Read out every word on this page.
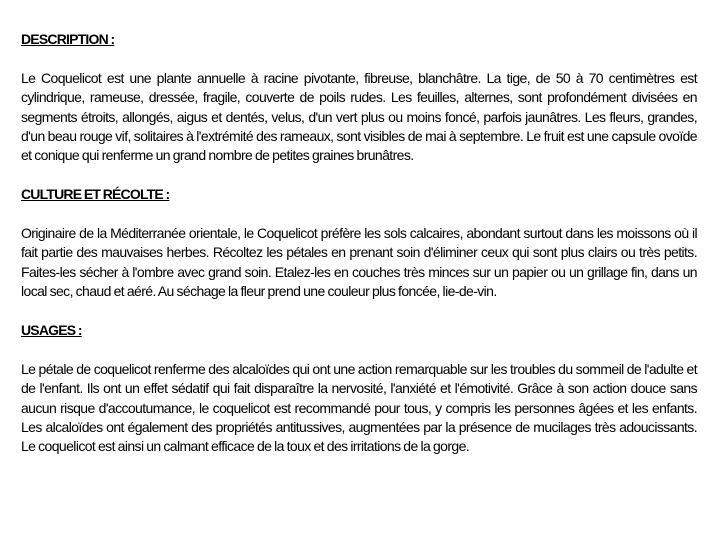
DESCRIPTION :

Le Coquelicot est une plante annuelle à racine pivotante, fibreuse, blanchâtre. La tige, de 50 à 70 centimètres est cylindrique, rameuse, dressée, fragile, couverte de poils rudes. Les feuilles, alternes, sont profondément divisées en segments étroits, allongés, aigus et dentés, velus, d'un vert plus ou moins foncé, parfois jaunâtres. Les fleurs, grandes, d'un beau rouge vif, solitaires à l'extrémité des rameaux, sont visibles de mai à septembre. Le fruit est une capsule ovoïde et conique qui renferme un grand nombre de petites graines brunâtres.

CULTURE ET RÉCOLTE :

Originaire de la Méditerranée orientale, le Coquelicot préfère les sols calcaires, abondant surtout dans les moissons où il fait partie des mauvaises herbes. Récoltez les pétales en prenant soin d'éliminer ceux qui sont plus clairs ou très petits. Faites-les sécher à l'ombre avec grand soin. Etalez-les en couches très minces sur un papier ou un grillage fin, dans un local sec, chaud et aéré. Au séchage la fleur prend une couleur plus foncée, lie-de-vin.

USAGES :

Le pétale de coquelicot renferme des alcaloïdes qui ont une action remarquable sur les troubles du sommeil de l'adulte et de l'enfant. Ils ont un effet sédatif qui fait disparaître la nervosité, l'anxiété et l'émotivité. Grâce à son action douce sans aucun risque d'accoutumance, le coquelicot est recommandé pour tous, y compris les personnes âgées et les enfants. Les alcaloïdes ont également des propriétés antitussives, augmentées par la présence de mucilages très adoucissants. Le coquelicot est ainsi un calmant efficace de la toux et des irritations de la gorge.
